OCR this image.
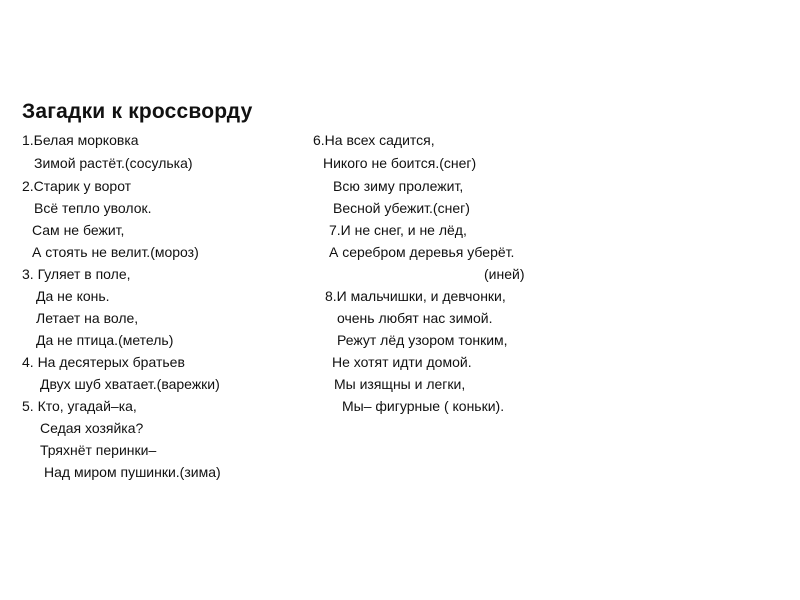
Загадки к кроссворду
1.Белая морковка
Зимой растёт.(сосулька)
2.Старик у ворот
Всё тепло уволок.
Сам не бежит,
А стоять не велит.(мороз)
3. Гуляет в поле,
Да не конь.
Летает на воле,
Да не птица.(метель)
4. На десятерых братьев
Двух шуб хватает.(варежки)
5. Кто, угадай–ка,
Седая хозяйка?
Тряхнёт перинки–
Над миром пушинки.(зима)
6.На всех садится,
Никого не боится.(снег)
Всю зиму пролежит,
Весной убежит.(снег)
7.И не снег, и не лёд,
А серебром деревья уберёт.
(иней)
8.И мальчишки, и девчонки,
очень любят нас зимой.
Режут лёд узором тонким,
Не хотят идти домой.
Мы изящны и легки,
Мы– фигурные ( коньки).
